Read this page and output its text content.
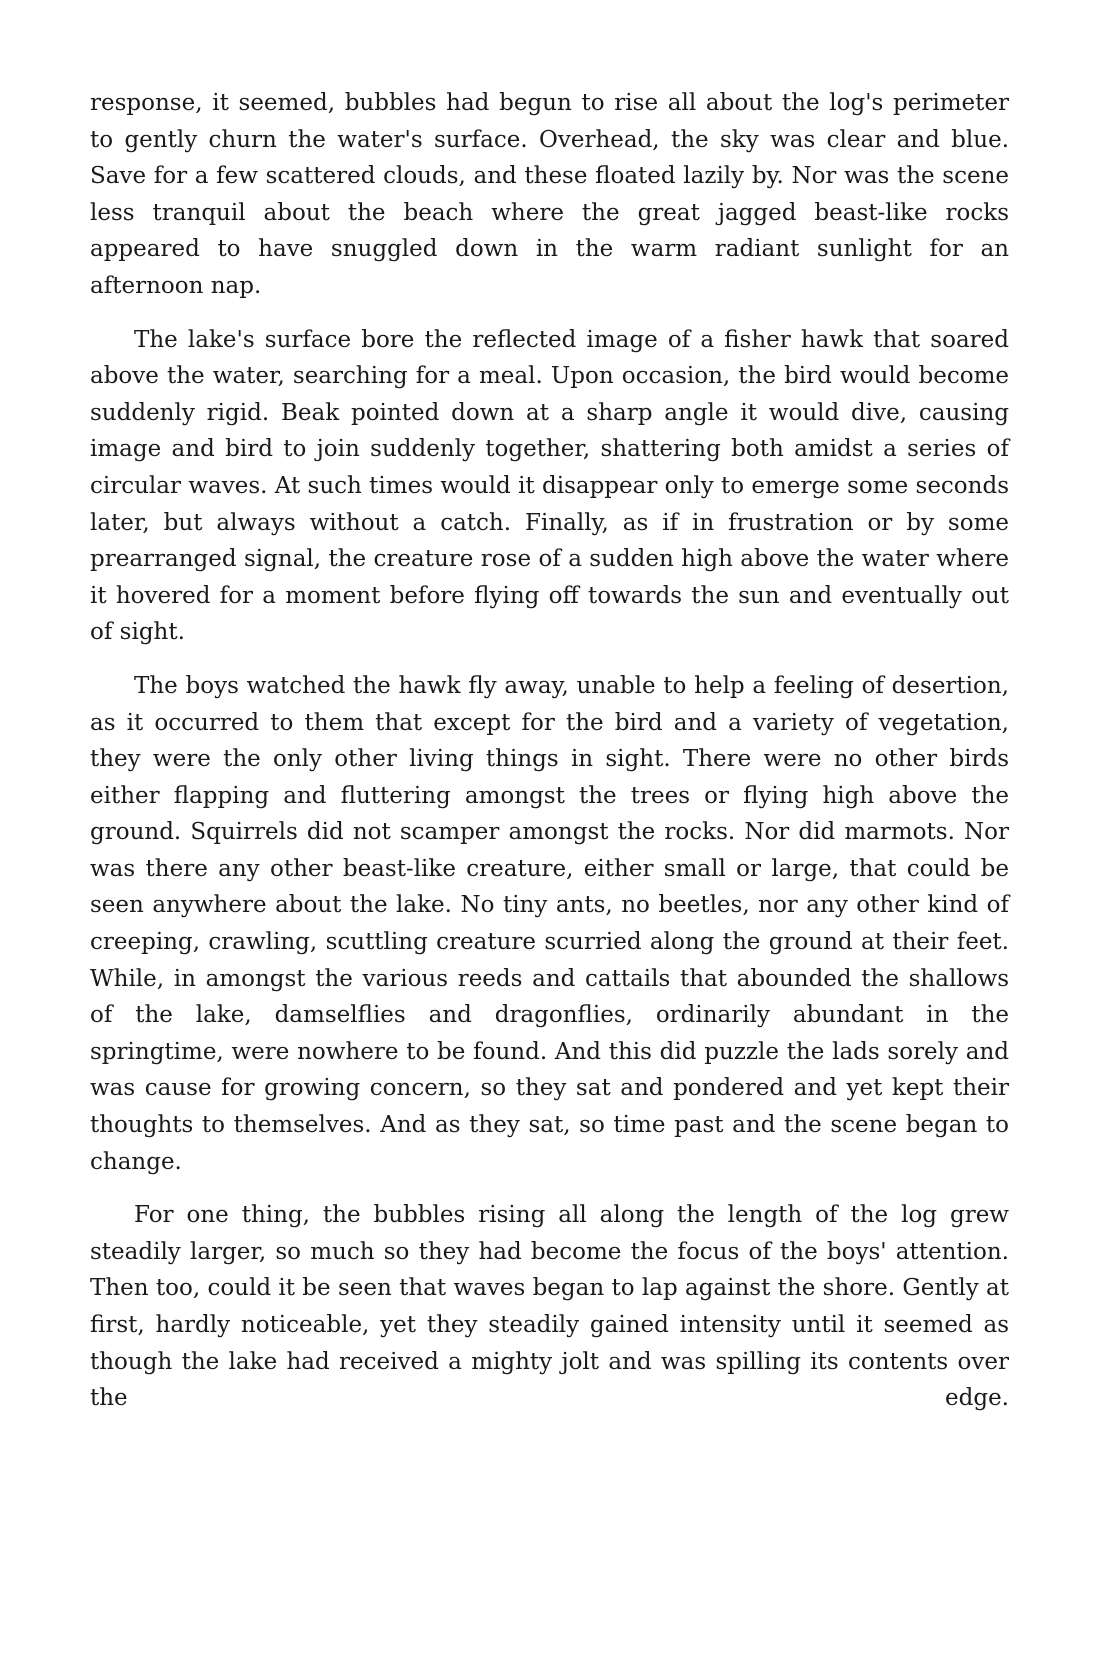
response, it seemed, bubbles had begun to rise all about the log's perimeter to gently churn the water's surface. Overhead, the sky was clear and blue. Save for a few scattered clouds, and these floated lazily by. Nor was the scene less tranquil about the beach where the great jagged beast-like rocks appeared to have snuggled down in the warm radiant sunlight for an afternoon nap.

The lake's surface bore the reflected image of a fisher hawk that soared above the water, searching for a meal. Upon occasion, the bird would become suddenly rigid. Beak pointed down at a sharp angle it would dive, causing image and bird to join suddenly together, shattering both amidst a series of circular waves. At such times would it disappear only to emerge some seconds later, but always without a catch. Finally, as if in frustration or by some prearranged signal, the creature rose of a sudden high above the water where it hovered for a moment before flying off towards the sun and eventually out of sight.

The boys watched the hawk fly away, unable to help a feeling of desertion, as it occurred to them that except for the bird and a variety of vegetation, they were the only other living things in sight. There were no other birds either flapping and fluttering amongst the trees or flying high above the ground. Squirrels did not scamper amongst the rocks. Nor did marmots. Nor was there any other beast-like creature, either small or large, that could be seen anywhere about the lake. No tiny ants, no beetles, nor any other kind of creeping, crawling, scuttling creature scurried along the ground at their feet. While, in amongst the various reeds and cattails that abounded the shallows of the lake, damselflies and dragonflies, ordinarily abundant in the springtime, were nowhere to be found. And this did puzzle the lads sorely and was cause for growing concern, so they sat and pondered and yet kept their thoughts to themselves. And as they sat, so time past and the scene began to change.

For one thing, the bubbles rising all along the length of the log grew steadily larger, so much so they had become the focus of the boys' attention. Then too, could it be seen that waves began to lap against the shore. Gently at first, hardly noticeable, yet they steadily gained intensity until it seemed as though the lake had received a mighty jolt and was spilling its contents over the edge.
